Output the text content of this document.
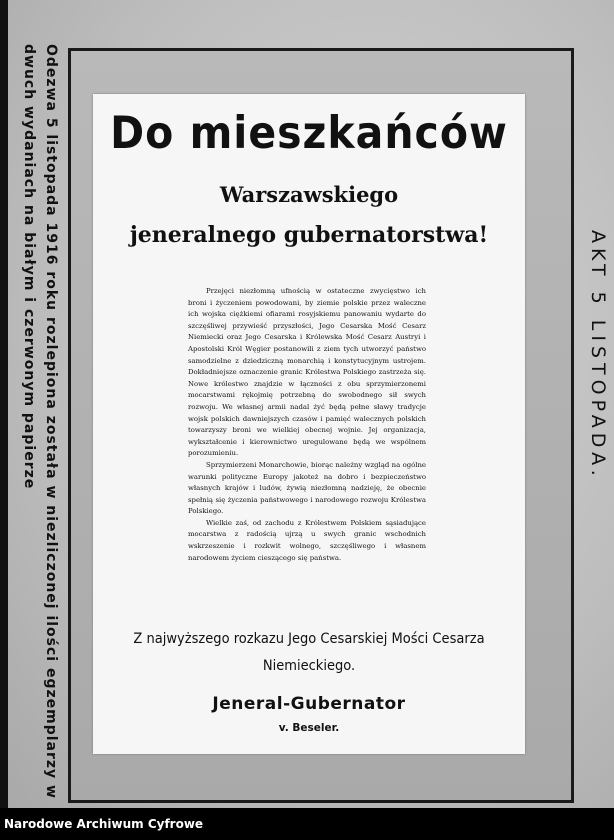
Odezwa 5 listopada 1916 roku rozlepiona została w niezliczonej ilości egzemplarzy w dwuch wydaniach na białym i czerwonym papierze	Do mieszkańców
Warszawskiego
jeneralnego gubernatorstwa!

Przejęci niezłomną ufnością w ostateczne zwycięstwo ich broni i życzeniem powodowani, by ziemie polskie przez waleczne ich wojska ciężkiemi ofiarami rosyjskiemu panowaniu wydarte do szczęśliwej przywieść przyszłości, Jego Cesarska Mość Cesarz Niemiecki oraz Jego Cesarska i Królewska Mość Cesarz Austryi i Apostolski Król Węgier postanowili z ziem tych utworzyć państwo samodzielne z dziedziczną monarchią i konstytucyjnym ustrojem. Dokładniejsze oznaczenie granic Królestwa Polskiego zastrzeża się. Nowe królestwo znajdzie w łączności z obu sprzymierzonemi mocarstwami rękojmię potrzebną do swobodnego sił swych rozwoju. We własnej armii nadal żyć będą pełne sławy tradycje wojsk polskich dawniejszych czasów i pamięć walecznych polskich towarzyszy broni we wielkiej obecnej wojnie. Jej organizacja, wykształcenie i kierownictwo uregulowane będą we wspólnem porozumieniu.

Sprzymierzeni Monarchowie, biorąc należny wzgląd na ogólne warunki polityczne Europy jakoteż na dobro i bezpieczeństwo własnych krajów i ludów, żywią niezłomną nadzieję, że obecnie spełnią się życzenia państwowego i narodowego rozwoju Królestwa Polskiego.

Wielkie zaś, od zachodu z Królestwem Polskiem sąsiadujące mocarstwa z radością ujrzą u swych granic wschodnich wskrzeszenie i rozkwit wolnego, szczęśliwego i własnem narodowem życiem cieszącego się państwa.

Z najwyższego rozkazu Jego Cesarskiej Mości Cesarza
Niemieckiego.
Jeneral-Gubernator
v. Beseler.
AKT 5 LISTOPADA.
Narodowe Archiwum Cyfrowe
